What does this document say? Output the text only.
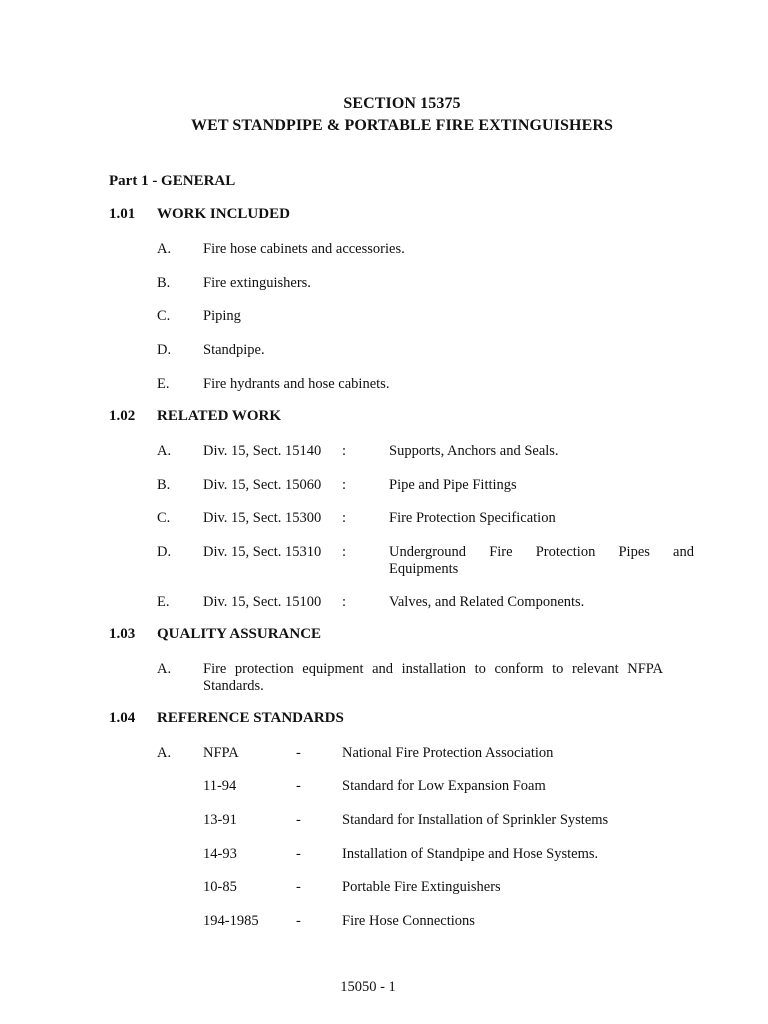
SECTION 15375
WET STANDPIPE & PORTABLE FIRE EXTINGUISHERS
Part 1 - GENERAL
1.01 WORK INCLUDED
A. Fire hose cabinets and accessories.
B. Fire extinguishers.
C. Piping
D. Standpipe.
E. Fire hydrants and hose cabinets.
1.02 RELATED WORK
A. Div. 15, Sect. 15140 :	Supports, Anchors and Seals.
B. Div. 15, Sect. 15060 :	Pipe and Pipe Fittings
C. Div. 15, Sect. 15300 :	Fire Protection Specification
D. Div. 15, Sect. 15310 :	Underground Fire Protection Pipes and
Equipments
E. Div. 15, Sect. 15100 :	Valves, and Related Components.
1.03 QUALITY ASSURANCE
A. Fire protection equipment and installation to conform to relevant NFPA
Standards.
1.04 REFERENCE STANDARDS
A. NFPA	-	National Fire Protection Association
11-94	-	Standard for Low Expansion Foam
13-91	-	Standard for Installation of Sprinkler Systems
14-93	-	Installation of Standpipe and Hose Systems.
10-85	-	Portable Fire Extinguishers
194-1985	-	Fire Hose Connections
15050 - 1
